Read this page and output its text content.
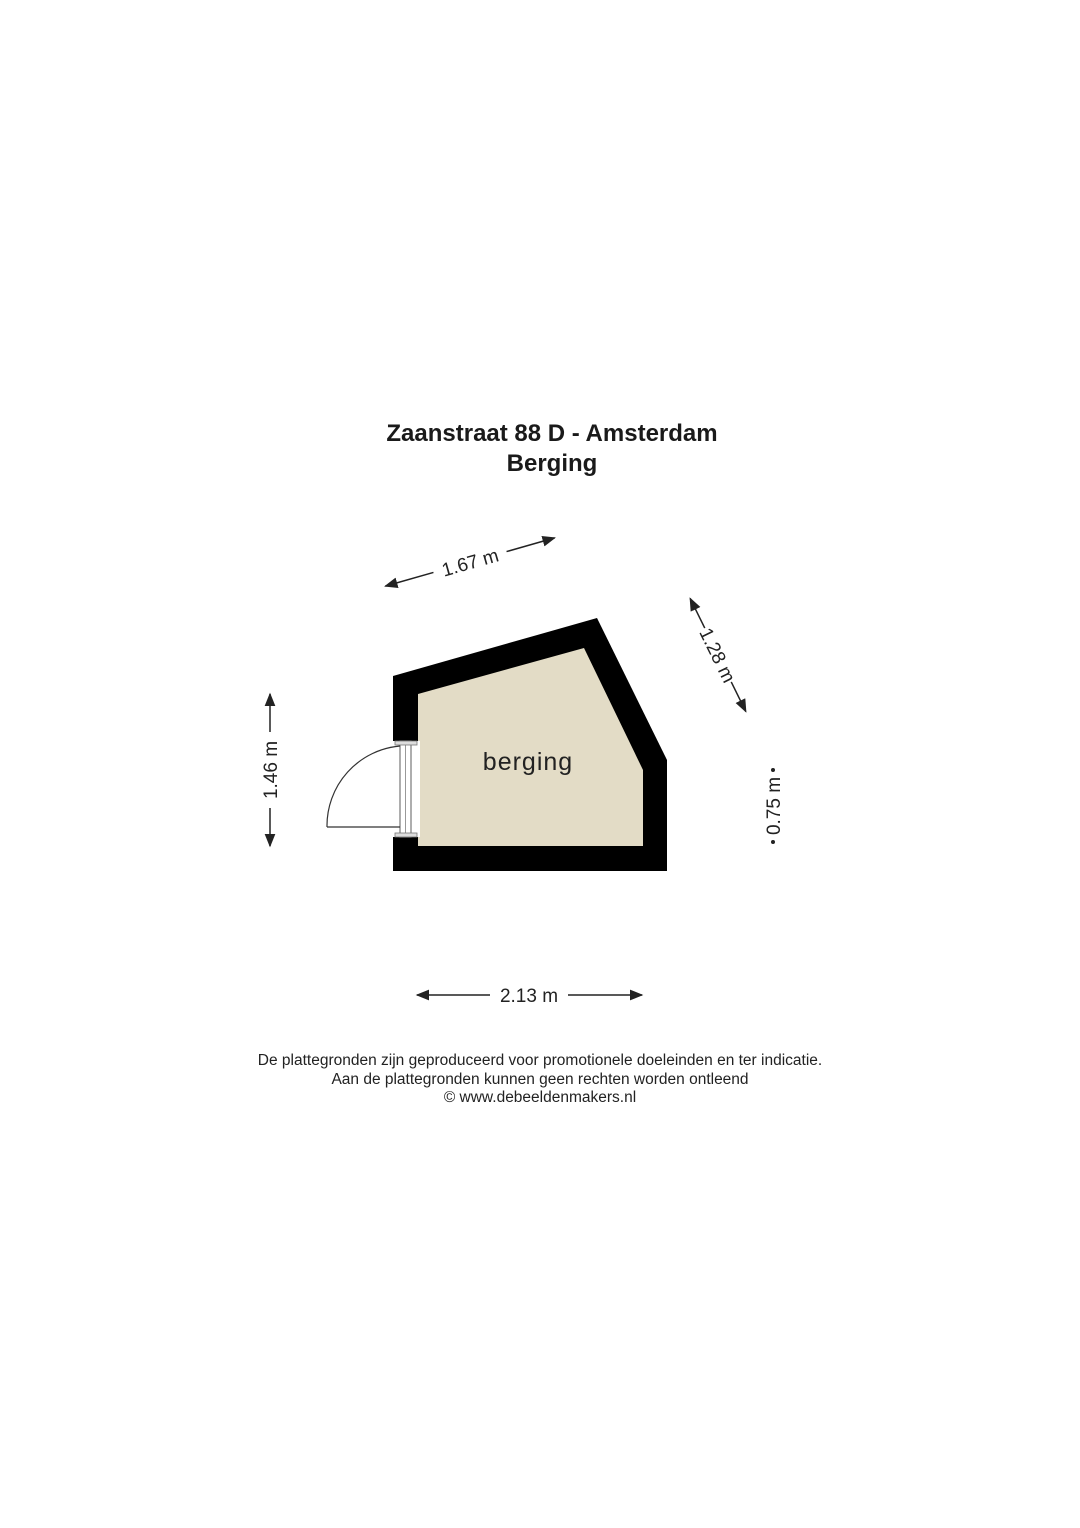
Zaanstraat 88 D - Amsterdam
Berging
berging
1.67 m
1.28 m
1.46 m
0.75 m
2.13 m
De plattegronden zijn geproduceerd voor promotionele doeleinden en ter indicatie.
Aan de plattegronden kunnen geen rechten worden ontleend
© www.debeeldenmakers.nl
